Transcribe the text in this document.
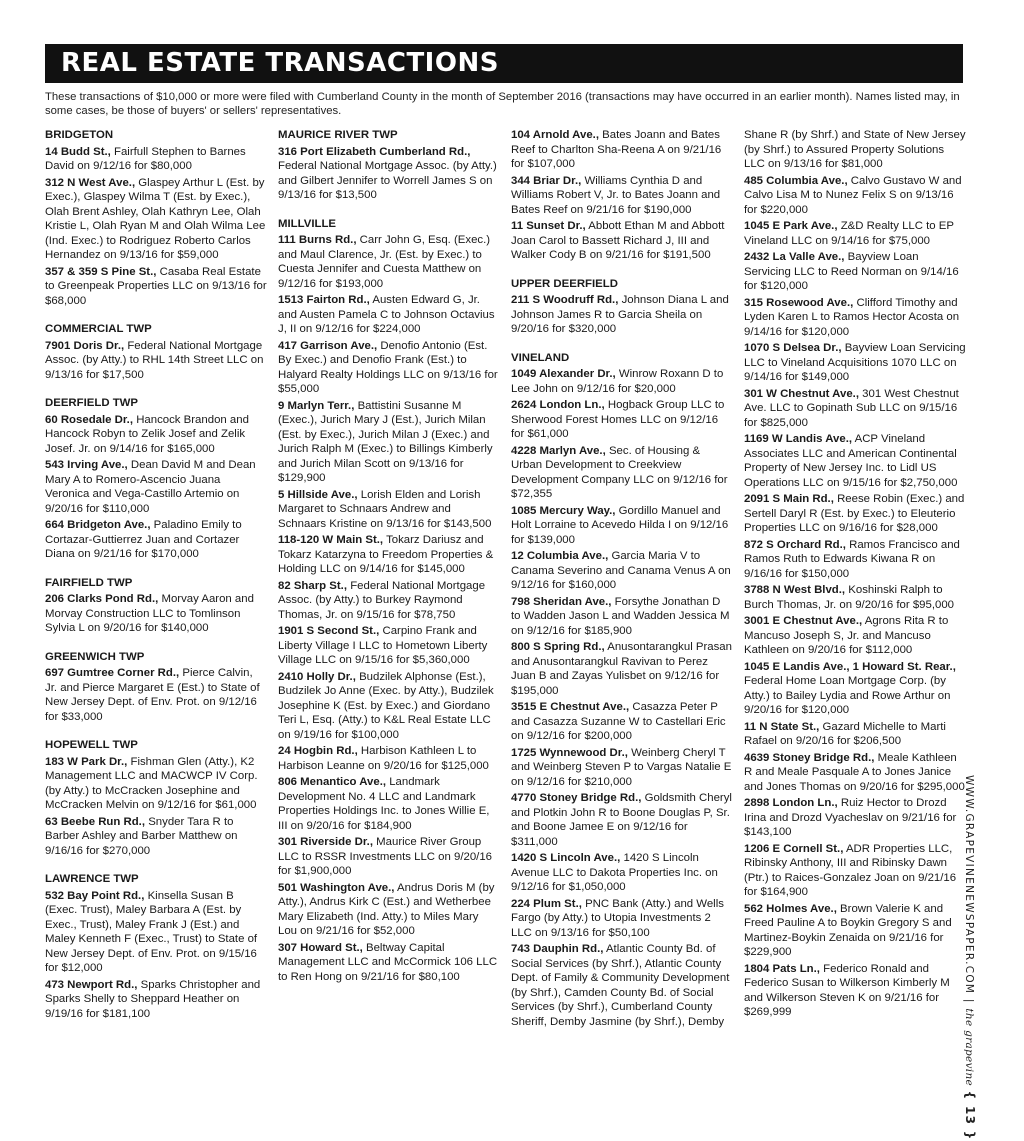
REAL ESTATE TRANSACTIONS
These transactions of $10,000 or more were filed with Cumberland County in the month of September 2016 (transactions may have occurred in an earlier month). Names listed may, in some cases, be those of buyers' or sellers' representatives.
BRIDGETON
14 Budd St., Fairfull Stephen to Barnes David on 9/12/16 for $80,000
312 N West Ave., Glaspey Arthur L (Est. by Exec.), Glaspey Wilma T (Est. by Exec.), Olah Brent Ashley, Olah Kathryn Lee, Olah Kristie L, Olah Ryan M and Olah Wilma Lee (Ind. Exec.) to Rodriguez Roberto Carlos Hernandez on 9/13/16 for $59,000
357 & 359 S Pine St., Casaba Real Estate to Greenpeak Properties LLC on 9/13/16 for $68,000
COMMERCIAL TWP
7901 Doris Dr., Federal National Mortgage Assoc. (by Atty.) to RHL 14th Street LLC on 9/13/16 for $17,500
DEERFIELD TWP
60 Rosedale Dr., Hancock Brandon and Hancock Robyn to Zelik Josef and Zelik Josef. Jr. on 9/14/16 for $165,000
543 Irving Ave., Dean David M and Dean Mary A to Romero-Ascencio Juana Veronica and Vega-Castillo Artemio on 9/20/16 for $110,000
664 Bridgeton Ave., Paladino Emily to Cortazar-Guttierrez Juan and Cortazer Diana on 9/21/16 for $170,000
FAIRFIELD TWP
206 Clarks Pond Rd., Morvay Aaron and Morvay Construction LLC to Tomlinson Sylvia L on 9/20/16 for $140,000
GREENWICH TWP
697 Gumtree Corner Rd., Pierce Calvin, Jr. and Pierce Margaret E (Est.) to State of New Jersey Dept. of Env. Prot. on 9/12/16 for $33,000
HOPEWELL TWP
183 W Park Dr., Fishman Glen (Atty.), K2 Management LLC and MACWCP IV Corp. (by Atty.) to McCracken Josephine and McCracken Melvin on 9/12/16 for $61,000
63 Beebe Run Rd., Snyder Tara R to Barber Ashley and Barber Matthew on 9/16/16 for $270,000
LAWRENCE TWP
532 Bay Point Rd., Kinsella Susan B (Exec. Trust), Maley Barbara A (Est. by Exec., Trust), Maley Frank J (Est.) and Maley Kenneth F (Exec., Trust) to State of New Jersey Dept. of Env. Prot. on 9/15/16 for $12,000
473 Newport Rd., Sparks Christopher and Sparks Shelly to Sheppard Heather on 9/19/16 for $181,100
MAURICE RIVER TWP
316 Port Elizabeth Cumberland Rd., Federal National Mortgage Assoc. (by Atty.) and Gilbert Jennifer to Worrell James S on 9/13/16 for $13,500
MILLVILLE
111 Burns Rd., Carr John G, Esq. (Exec.) and Maul Clarence, Jr. (Est. by Exec.) to Cuesta Jennifer and Cuesta Matthew on 9/12/16 for $193,000
1513 Fairton Rd., Austen Edward G, Jr. and Austen Pamela C to Johnson Octavius J, II on 9/12/16 for $224,000
417 Garrison Ave., Denofio Antonio (Est. By Exec.) and Denofio Frank (Est.) to Halyard Realty Holdings LLC on 9/13/16 for $55,000
9 Marlyn Terr., Battistini Susanne M (Exec.), Jurich Mary J (Est.), Jurich Milan (Est. by Exec.), Jurich Milan J (Exec.) and Jurich Ralph M (Exec.) to Billings Kimberly and Jurich Milan Scott on 9/13/16 for $129,900
5 Hillside Ave., Lorish Elden and Lorish Margaret to Schnaars Andrew and Schnaars Kristine on 9/13/16 for $143,500
118-120 W Main St., Tokarz Dariusz and Tokarz Katarzyna to Freedom Properties & Holding LLC on 9/14/16 for $145,000
82 Sharp St., Federal National Mortgage Assoc. (by Atty.) to Burkey Raymond Thomas, Jr. on 9/15/16 for $78,750
1901 S Second St., Carpino Frank and Liberty Village I LLC to Hometown Liberty Village LLC on 9/15/16 for $5,360,000
2410 Holly Dr., Budzilek Alphonse (Est.), Budzilek Jo Anne (Exec. by Atty.), Budzilek Josephine K (Est. by Exec.) and Giordano Teri L, Esq. (Atty.) to K&L Real Estate LLC on 9/19/16 for $100,000
24 Hogbin Rd., Harbison Kathleen L to Harbison Leanne on 9/20/16 for $125,000
806 Menantico Ave., Landmark Development No. 4 LLC and Landmark Properties Holdings Inc. to Jones Willie E, III on 9/20/16 for $184,900
301 Riverside Dr., Maurice River Group LLC to RSSR Investments LLC on 9/20/16 for $1,900,000
501 Washington Ave., Andrus Doris M (by Atty.), Andrus Kirk C (Est.) and Wetherbee Mary Elizabeth (Ind. Atty.) to Miles Mary Lou on 9/21/16 for $52,000
307 Howard St., Beltway Capital Management LLC and McCormick 106 LLC to Ren Hong on 9/21/16 for $80,100
104 Arnold Ave., Bates Joann and Bates Reef to Charlton Sha-Reena A on 9/21/16 for $107,000
344 Briar Dr., Williams Cynthia D and Williams Robert V, Jr. to Bates Joann and Bates Reef on 9/21/16 for $190,000
11 Sunset Dr., Abbott Ethan M and Abbott Joan Carol to Bassett Richard J, III and Walker Cody B on 9/21/16 for $191,500
UPPER DEERFIELD
211 S Woodruff Rd., Johnson Diana L and Johnson James R to Garcia Sheila on 9/20/16 for $320,000
VINELAND
1049 Alexander Dr., Winrow Roxann D to Lee John on 9/12/16 for $20,000
2624 London Ln., Hogback Group LLC to Sherwood Forest Homes LLC on 9/12/16 for $61,000
4228 Marlyn Ave., Sec. of Housing & Urban Development to Creekview Development Company LLC on 9/12/16 for $72,355
1085 Mercury Way., Gordillo Manuel and Holt Lorraine to Acevedo Hilda I on 9/12/16 for $139,000
12 Columbia Ave., Garcia Maria V to Canama Severino and Canama Venus A on 9/12/16 for $160,000
798 Sheridan Ave., Forsythe Jonathan D to Wadden Jason L and Wadden Jessica M on 9/12/16 for $185,900
800 S Spring Rd., Anusontarangkul Prasan and Anusontarangkul Ravivan to Perez Juan B and Zayas Yulisbet on 9/12/16 for $195,000
3515 E Chestnut Ave., Casazza Peter P and Casazza Suzanne W to Castellari Eric on 9/12/16 for $200,000
1725 Wynnewood Dr., Weinberg Cheryl T and Weinberg Steven P to Vargas Natalie E on 9/12/16 for $210,000
4770 Stoney Bridge Rd., Goldsmith Cheryl and Plotkin John R to Boone Douglas P, Sr. and Boone Jamee E on 9/12/16 for $311,000
1420 S Lincoln Ave., 1420 S Lincoln Avenue LLC to Dakota Properties Inc. on 9/12/16 for $1,050,000
224 Plum St., PNC Bank (Atty.) and Wells Fargo (by Atty.) to Utopia Investments 2 LLC on 9/13/16 for $50,100
743 Dauphin Rd., Atlantic County Bd. of Social Services (by Shrf.), Atlantic County Dept. of Family & Community Development (by Shrf.), Camden County Bd. of Social Services (by Shrf.), Cumberland County Sheriff, Demby Jasmine (by Shrf.), Demby
Shane R (by Shrf.) and State of New Jersey (by Shrf.) to Assured Property Solutions LLC on 9/13/16 for $81,000
485 Columbia Ave., Calvo Gustavo W and Calvo Lisa M to Nunez Felix S on 9/13/16 for $220,000
1045 E Park Ave., Z&D Realty LLC to EP Vineland LLC on 9/14/16 for $75,000
2432 La Valle Ave., Bayview Loan Servicing LLC to Reed Norman on 9/14/16 for $120,000
315 Rosewood Ave., Clifford Timothy and Lyden Karen L to Ramos Hector Acosta on 9/14/16 for $120,000
1070 S Delsea Dr., Bayview Loan Servicing LLC to Vineland Acquisitions 1070 LLC on 9/14/16 for $149,000
301 W Chestnut Ave., 301 West Chestnut Ave. LLC to Gopinath Sub LLC on 9/15/16 for $825,000
1169 W Landis Ave., ACP Vineland Associates LLC and American Continental Property of New Jersey Inc. to Lidl US Operations LLC on 9/15/16 for $2,750,000
2091 S Main Rd., Reese Robin (Exec.) and Sertell Daryl R (Est. by Exec.) to Eleuterio Properties LLC on 9/16/16 for $28,000
872 S Orchard Rd., Ramos Francisco and Ramos Ruth to Edwards Kiwana R on 9/16/16 for $150,000
3788 N West Blvd., Koshinski Ralph to Burch Thomas, Jr. on 9/20/16 for $95,000
3001 E Chestnut Ave., Agrons Rita R to Mancuso Joseph S, Jr. and Mancuso Kathleen on 9/20/16 for $112,000
1045 E Landis Ave., 1 Howard St. Rear., Federal Home Loan Mortgage Corp. (by Atty.) to Bailey Lydia and Rowe Arthur on 9/20/16 for $120,000
11 N State St., Gazard Michelle to Marti Rafael on 9/20/16 for $206,500
4639 Stoney Bridge Rd., Meale Kathleen R and Meale Pasquale A to Jones Janice and Jones Thomas on 9/20/16 for $295,000
2898 London Ln., Ruiz Hector to Drozd Irina and Drozd Vyacheslav on 9/21/16 for $143,100
1206 E Cornell St., ADR Properties LLC, Ribinsky Anthony, III and Ribinsky Dawn (Ptr.) to Raices-Gonzalez Joan on 9/21/16 for $164,900
562 Holmes Ave., Brown Valerie K and Freed Pauline A to Boykin Gregory S and Martinez-Boykin Zenaida on 9/21/16 for $229,900
1804 Pats Ln., Federico Ronald and Federico Susan to Wilkerson Kimberly M and Wilkerson Steven K on 9/21/16 for $269,999
WWW.GRAPEVINENEWSPAPER.COM | the grapevine { 13 }
